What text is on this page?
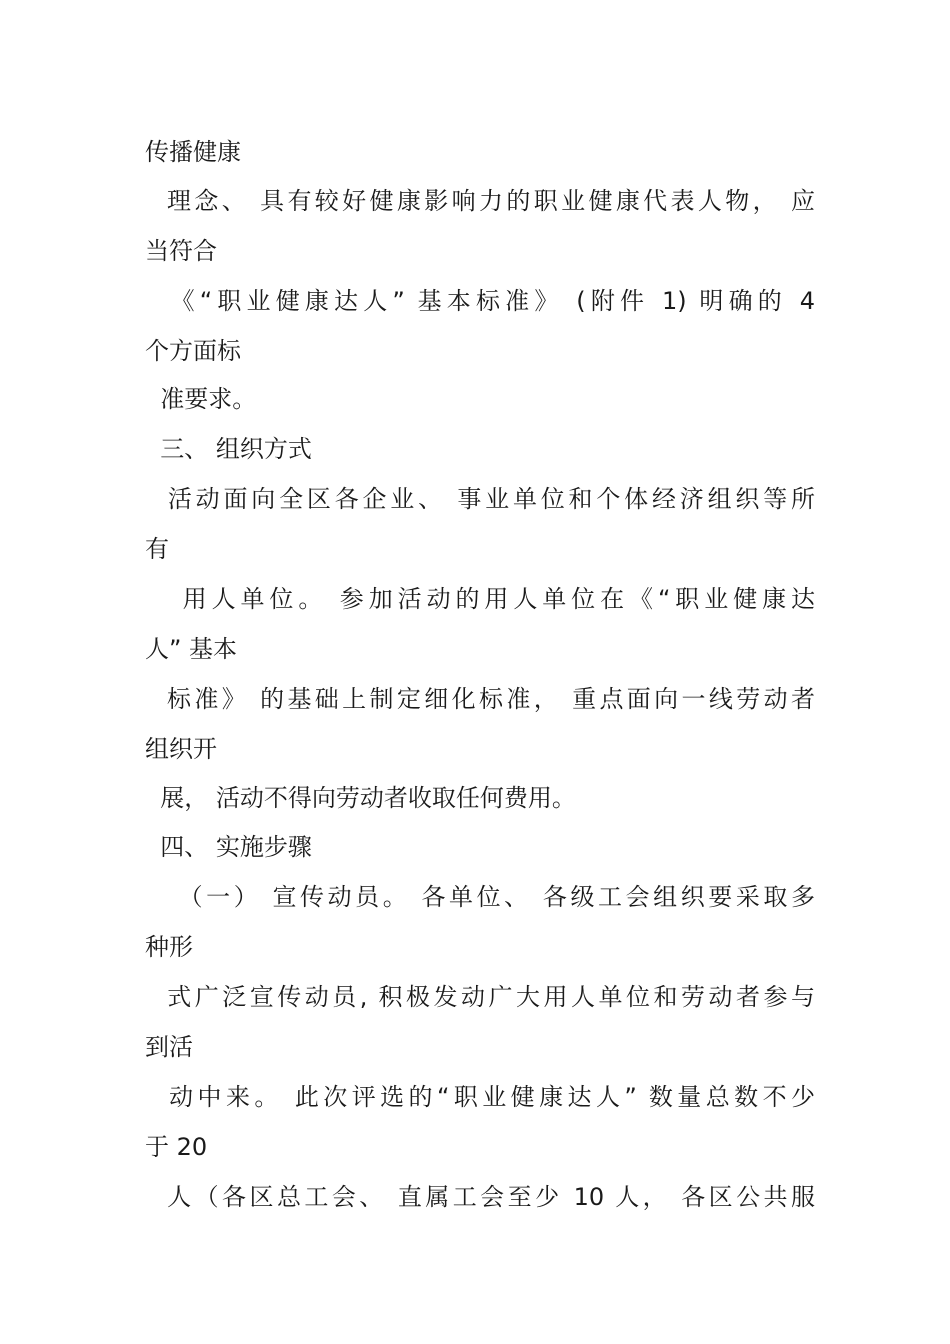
传播健康
理念、 具有较好健康影响力的职业健康代表人物， 应
当符合
《“职业健康达人” 基本标准》 (附件 1) 明确的 4
个方面标
准要求。
三、 组织方式
活动面向全区各企业、 事业单位和个体经济组织等所
有
用人单位。 参加活动的用人单位在《“职业健康达
人” 基本
标准》 的基础上制定细化标准， 重点面向一线劳动者
组织开
展， 活动不得向劳动者收取任何费用。
四、 实施步骤
（一） 宣传动员。 各单位、 各级工会组织要采取多
种形
式广泛宣传动员, 积极发动广大用人单位和劳动者参与
到活
动中来。 此次评选的“职业健康达人” 数量总数不少
于 20
人（各区总工会、 直属工会至少 10 人， 各区公共服
